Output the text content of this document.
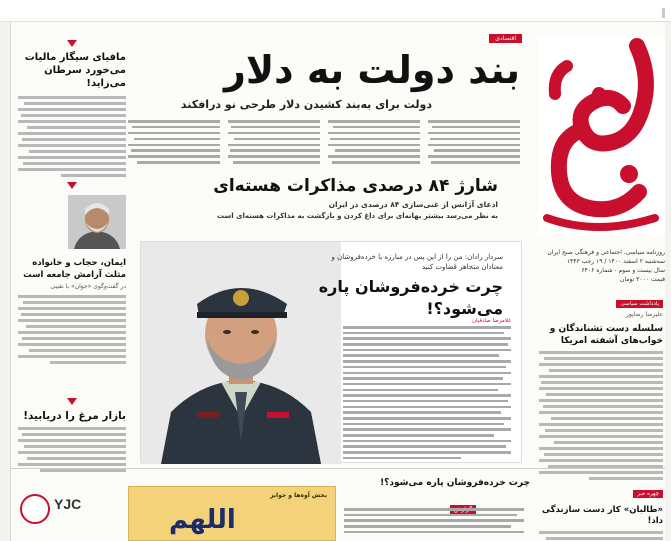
روزنامه سیاسی، اجتماعی و فرهنگی صبح ایران
سه‌شنبه ۲ اسفند ۱۴۰۰ / ۱۹ رجب ۱۴۴۳
سال بیست و سوم - شماره ۶۴۰۶
قیمت ۳۰۰۰ تومان
یادداشت سیاسی
علیرضا رضاپور
سلسله دست تشناندگان و خواب‌های آشفته امریکا
چهره خبر
«طالبان» کار دست سازندگی داد!
اقتصادی
بند دولت به دلار
دولت برای به‌بند کشیدن دلار طرحی نو درافکند
شارژ ۸۴ درصدی مذاکرات هسته‌ای
ادعای آژانس از غنی‌سازی ۸۴ درصدی در ایران
به نظر می‌رسد بیشتر بهانه‌ای برای داغ کردن و بازگشت به مذاکرات هسته‌ای است
سردار رادان: من را از این پس در مبارزه با خرده‌فروشان و معتادان متجاهر قضاوت کنید
چرت خرده‌فروشان پاره می‌شود؟!
غلامرضا صادقیان
مافیای سیگار مالیات می‌خورد سرطان می‌زاید!
ایمان، حجاب و خانواده مثلث آرامش جامعه است
در گفت‌وگوی «جوان» با نقیبی
بازار مرغ را دریابید!
چرت خرده‌فروشان پاره می‌شود؟!
بخش آوه‌ها و جوایز
اللهم
YJC
